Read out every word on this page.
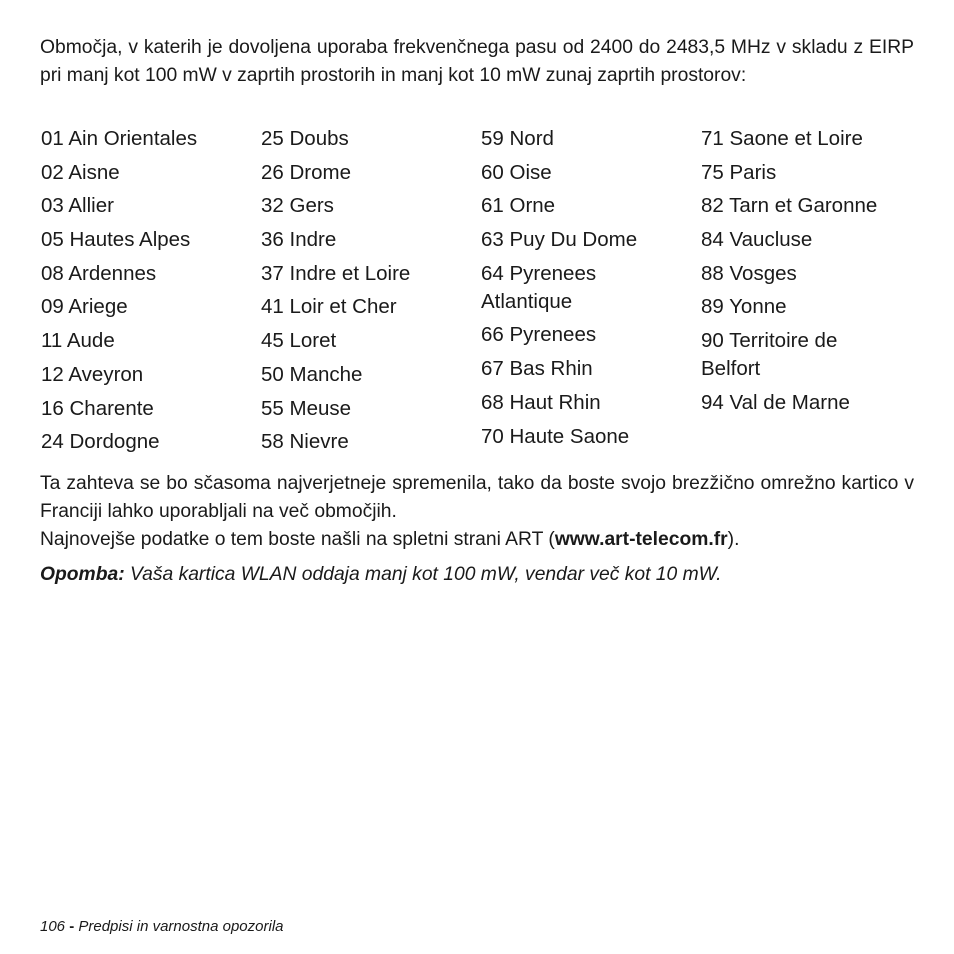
Območja, v katerih je dovoljena uporaba frekvenčnega pasu od 2400 do 2483,5 MHz v skladu z EIRP pri manj kot 100 mW v zaprtih prostorih in manj kot 10 mW zunaj zaprtih prostorov:

01 Ain Orientales
02 Aisne
03 Allier
05 Hautes Alpes
08 Ardennes
09 Ariege
11 Aude
12 Aveyron
16 Charente
24 Dordogne
25 Doubs
26 Drome
32 Gers
36 Indre
37 Indre et Loire
41 Loir et Cher
45 Loret
50 Manche
55 Meuse
58 Nievre
59 Nord
60 Oise
61 Orne
63 Puy Du Dome
64 Pyrenees
Atlantique
66 Pyrenees
67 Bas Rhin
68 Haut Rhin
70 Haute Saone
71 Saone et Loire
75 Paris
82 Tarn et Garonne
84 Vaucluse
88 Vosges
89 Yonne
90 Territoire de
Belfort
94 Val de Marne

Ta zahteva se bo sčasoma najverjetneje spremenila, tako da boste svojo brezžično omrežno kartico v Franciji lahko uporabljali na več območjih.

Najnovejše podatke o tem boste našli na spletni strani ART (www.art-telecom.fr).

Opomba: Vaša kartica WLAN oddaja manj kot 100 mW, vendar več kot 10 mW.

106 - Predpisi in varnostna opozorila
